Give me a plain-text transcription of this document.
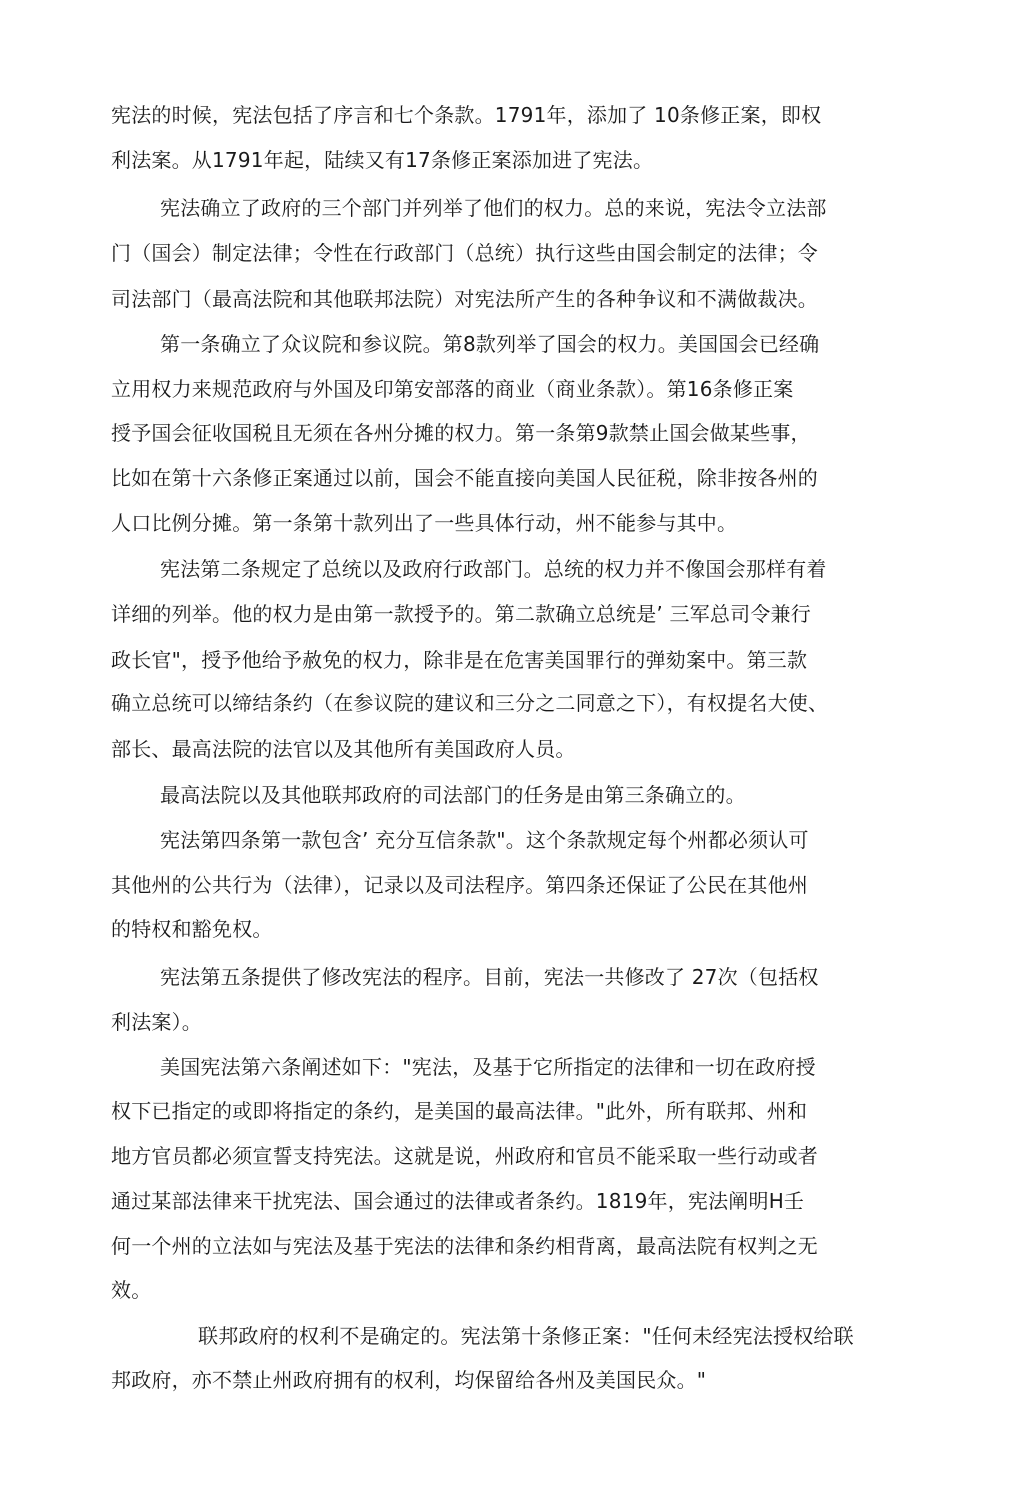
宪法的时候，宪法包括了序言和七个条款。1791年，添加了 10条修正案，即权
利法案。从1791年起，陆续又有17条修正案添加进了宪法。
宪法确立了政府的三个部门并列举了他们的权力。总的来说，宪法令立法部
门（国会）制定法律；令性在行政部门（总统）执行这些由国会制定的法律；令
司法部门（最高法院和其他联邦法院）对宪法所产生的各种争议和不满做裁决。
第一条确立了众议院和参议院。第8款列举了国会的权力。美国国会已经确
立用权力来规范政府与外国及印第安部落的商业（商业条款）。第16条修正案
授予国会征收国税且无须在各州分摊的权力。第一条第9款禁止国会做某些事，
比如在第十六条修正案通过以前，国会不能直接向美国人民征税，除非按各州的
人口比例分摊。第一条第十款列出了一些具体行动，州不能参与其中。
宪法第二条规定了总统以及政府行政部门。总统的权力并不像国会那样有着
详细的列举。他的权力是由第一款授予的。第二款确立总统是’ 三军总司令兼行
政长官"，授予他给予赦免的权力，除非是在危害美国罪行的弹劾案中。第三款
确立总统可以缔结条约（在参议院的建议和三分之二同意之下），有权提名大使、
部长、最高法院的法官以及其他所有美国政府人员。
最高法院以及其他联邦政府的司法部门的任务是由第三条确立的。
宪法第四条第一款包含’ 充分互信条款"。这个条款规定每个州都必须认可
其他州的公共行为（法律），记录以及司法程序。第四条还保证了公民在其他州
的特权和豁免权。
宪法第五条提供了修改宪法的程序。目前，宪法一共修改了 27次（包括权
利法案）。
美国宪法第六条阐述如下："宪法，及基于它所指定的法律和一切在政府授
权下已指定的或即将指定的条约，是美国的最高法律。"此外，所有联邦、州和
地方官员都必须宣誓支持宪法。这就是说，州政府和官员不能采取一些行动或者
通过某部法律来干扰宪法、国会通过的法律或者条约。1819年，宪法阐明H壬
何一个州的立法如与宪法及基于宪法的法律和条约相背离，最高法院有权判之无
效。
联邦政府的权利不是确定的。宪法第十条修正案："任何未经宪法授权给联
邦政府，亦不禁止州政府拥有的权利，均保留给各州及美国民众。"
